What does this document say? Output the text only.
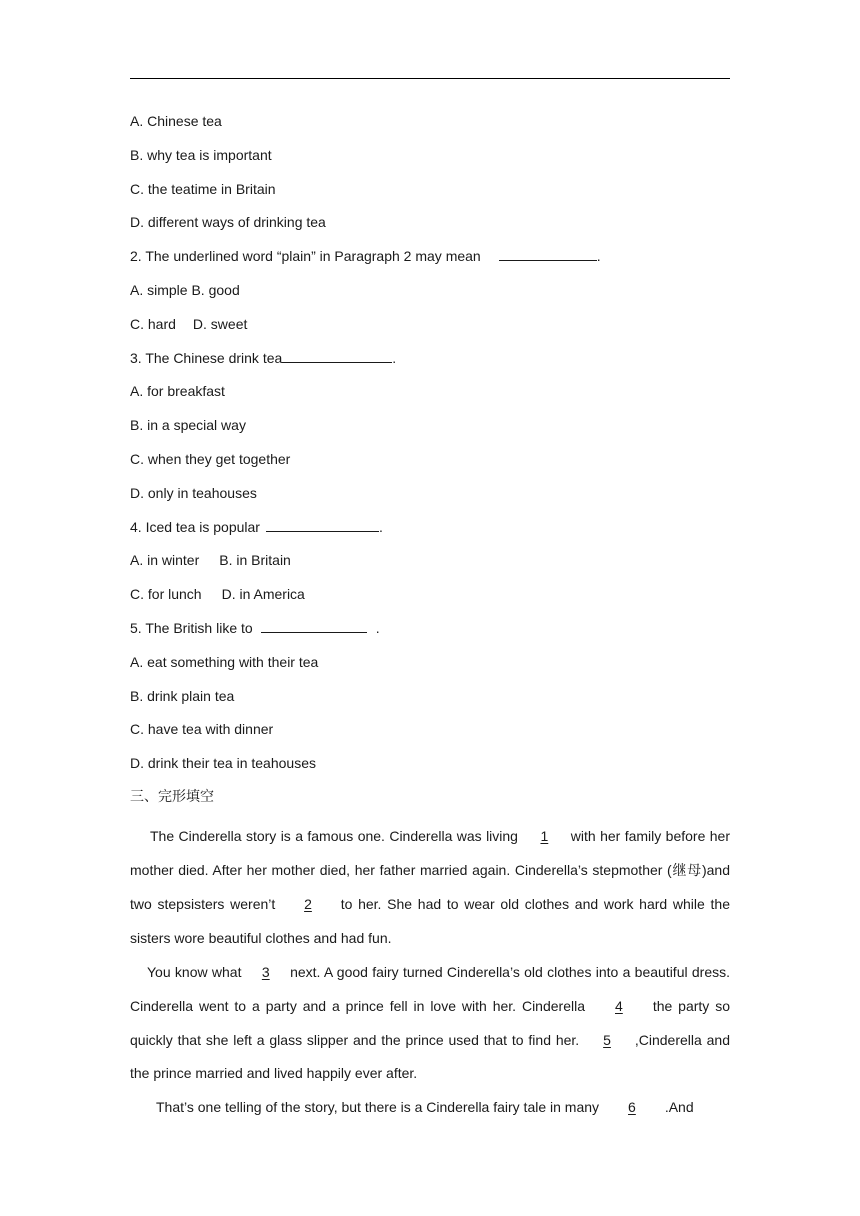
A. Chinese tea
B. why tea is important
C. the teatime in Britain
D. different ways of drinking tea
2. The underlined word “plain” in Paragraph 2 may mean	.
A. simple B. good
C. hard D. sweet
3. The Chinese drink tea	.
A. for breakfast
B. in a special way
C. when they get together
D. only in teahouses
4. Iced tea is popular	.
A. in winter B. in Britain
C. for lunch D. in America
5. The British like to	.
A. eat something with their tea
B. drink plain tea
C. have tea with dinner
D. drink their tea in teahouses
三、完形填空
The Cinderella story is a famous one. Cinderella was living 1 with her family before her mother died. After her mother died, her father married again. Cinderella’s stepmother (继母)and two stepsisters weren’t 2 to her. She had to wear old clothes and work hard while the sisters wore beautiful clothes and had fun.
You know what 3 next. A good fairy turned Cinderella’s old clothes into a beautiful dress. Cinderella went to a party and a prince fell in love with her. Cinderella 4 the party so quickly that she left a glass slipper and the prince used that to find her. 5 ,Cinderella and the prince married and lived happily ever after.
That’s one telling of the story, but there is a Cinderella fairy tale in many 6 .And
